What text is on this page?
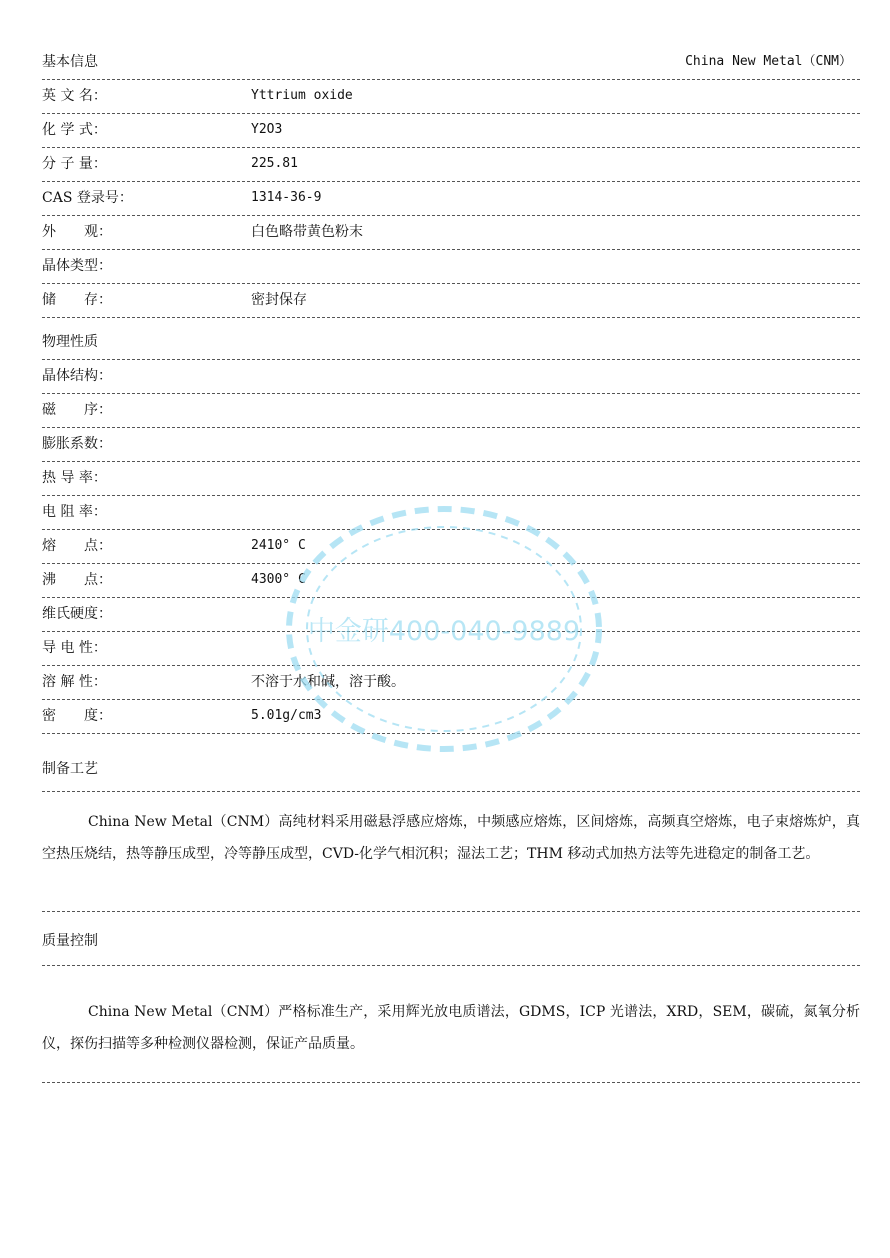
基本信息	China New Metal（CNM）
英 文 名：	Yttrium oxide
化 学 式：	Y2O3
分 子 量：	225.81
CAS 登录号：	1314-36-9
外　　观：	白色略带黄色粉末
晶体类型：
储　　存：	密封保存
物理性质
晶体结构：
磁　　序：
膨胀系数：
热 导 率：
电 阻 率：
熔　　点：	2410° C
沸　　点：	4300° C
维氏硬度：
导 电 性：
溶 解 性：	不溶于水和碱，溶于酸。
密　　度：	5.01g/cm3
制备工艺
China New Metal（CNM）高纯材料采用磁悬浮感应熔炼，中频感应熔炼，区间熔炼，高频真空熔炼，电子束熔炼炉，真空热压烧结，热等静压成型，冷等静压成型，CVD-化学气相沉积；湿法工艺；THM 移动式加热方法等先进稳定的制备工艺。
质量控制
China New Metal（CNM）严格标准生产，采用辉光放电质谱法，GDMS，ICP 光谱法，XRD，SEM，碳硫，氮氧分析仪，探伤扫描等多种检测仪器检测，保证产品质量。
中金研400-040-9889
